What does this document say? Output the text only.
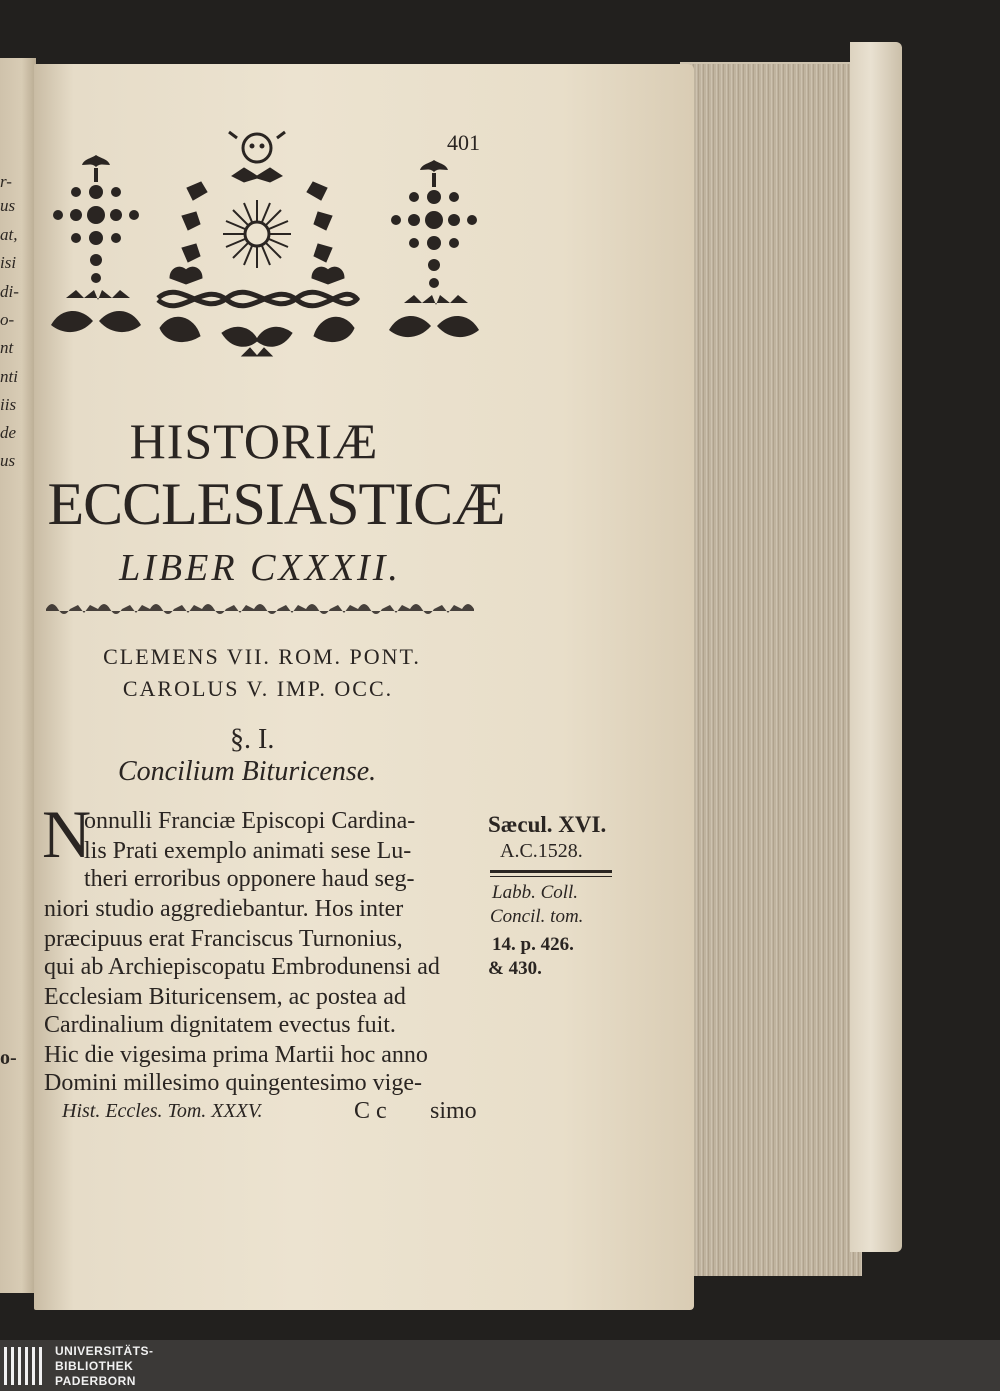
r-
us
at,
isi
di-
o-
nt
nti
iis
de
us
o-
401
HISTORIÆ
ECCLESIASTICÆ
LIBER CXXXII.
CLEMENS VII. ROM. PONT.
CAROLUS V. IMP. OCC.
§. I.
Concilium Bituricense.
N
onnulli Franciæ Episcopi Cardina-
lis Prati exemplo animati sese Lu-
theri erroribus opponere haud seg-
niori studio aggrediebantur. Hos inter
præcipuus erat Franciscus Turnonius,
qui ab Archiepiscopatu Embrodunensi ad
Ecclesiam Bituricensem, ac postea ad
Cardinalium dignitatem evectus fuit.
Hic die vigesima prima Martii hoc anno
Domini millesimo quingentesimo vige-
Sæcul. XVI.
A.C.1528.
Labb. Coll.
Concil. tom.
14. p. 426.
& 430.
Hist. Eccles. Tom. XXXV.	C c simo
UNIVERSITÄTS-
BIBLIOTHEK
PADERBORN
